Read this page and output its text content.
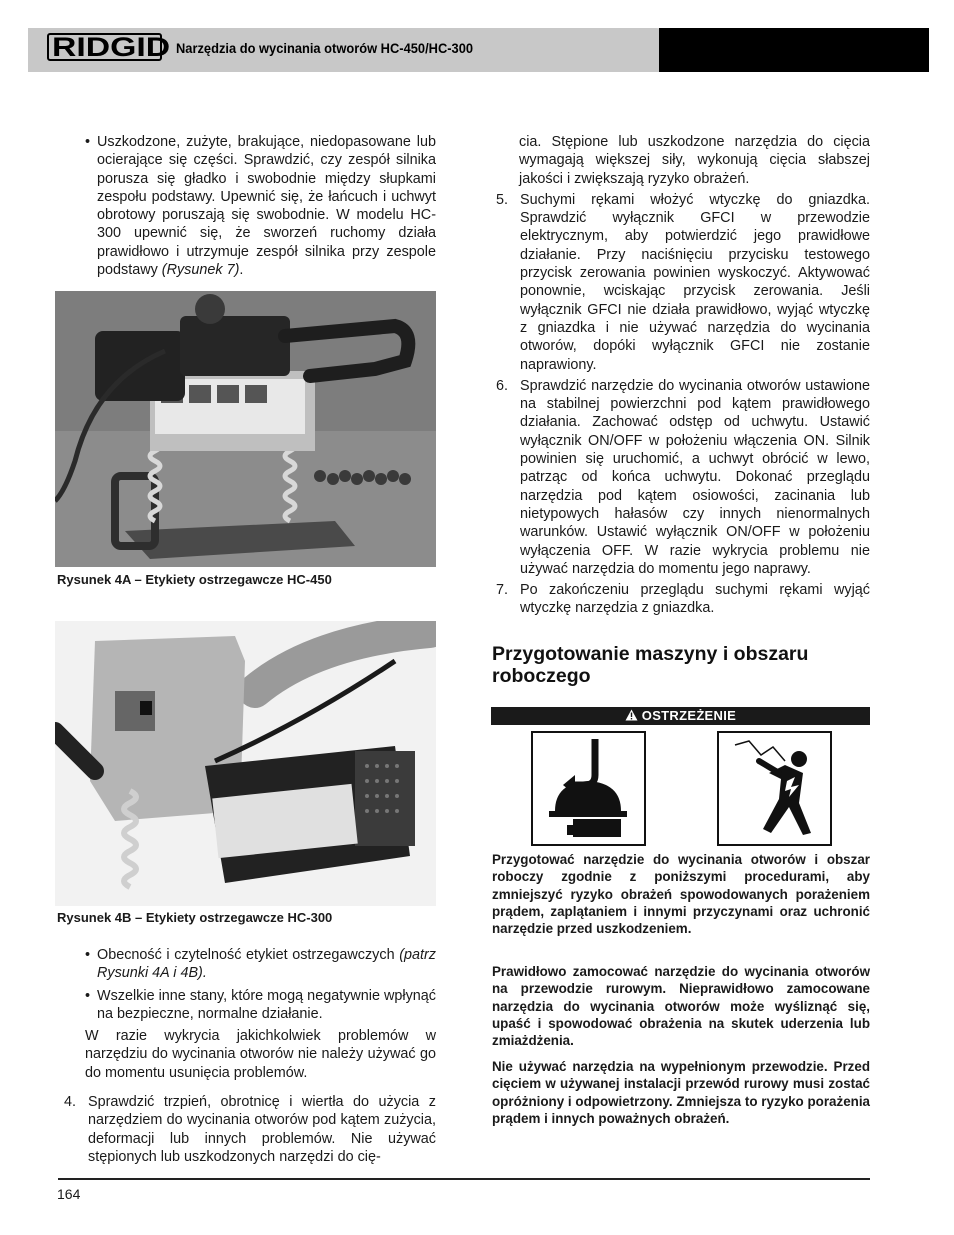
RIDGID Narzędzia do wycinania otworów HC-450/HC-300
• Uszkodzone, zużyte, brakujące, niedopasowane lub ocierające się części. Sprawdzić, czy zespół silnika porusza się gładko i swobodnie między słupkami zespołu podstawy. Upewnić się, że łańcuch i uchwyt obrotowy poruszają się swobodnie. W modelu HC-300 upewnić się, że sworzeń ruchomy działa prawidłowo i utrzymuje zespół silnika przy zespole podstawy (Rysunek 7).
Rysunek 4A – Etykiety ostrzegawcze HC-450
Rysunek 4B – Etykiety ostrzegawcze HC-300
• Obecność i czytelność etykiet ostrzegawczych (patrz Rysunki 4A i 4B).
• Wszelkie inne stany, które mogą negatywnie wpłynąć na bezpieczne, normalne działanie.
W razie wykrycia jakichkolwiek problemów w narzędziu do wycinania otworów nie należy używać go do momentu usunięcia problemów.
4. Sprawdzić trzpień, obrotnicę i wiertła do użycia z narzędziem do wycinania otworów pod kątem zużycia, deformacji lub innych problemów. Nie używać stępionych lub uszkodzonych narzędzi do cię-
cia. Stępione lub uszkodzone narzędzia do cięcia wymagają większej siły, wykonują cięcia słabszej jakości i zwiększają ryzyko obrażeń.
5. Suchymi rękami włożyć wtyczkę do gniazdka. Sprawdzić wyłącznik GFCI w przewodzie elektrycznym, aby potwierdzić jego prawidłowe działanie. Przy naciśnięciu przycisku testowego przycisk zerowania powinien wyskoczyć. Aktywować ponownie, wciskając przycisk zerowania. Jeśli wyłącznik GFCI nie działa prawidłowo, wyjąć wtyczkę z gniazdka i nie używać narzędzia do wycinania otworów, dopóki wyłącznik GFCI nie zostanie naprawiony.
6. Sprawdzić narzędzie do wycinania otworów ustawione na stabilnej powierzchni pod kątem prawidłowego działania. Zachować odstęp od uchwytu. Ustawić wyłącznik ON/OFF w położeniu włączenia ON. Silnik powinien się uruchomić, a uchwyt obrócić w lewo, patrząc od końca uchwytu. Dokonać przeglądu narzędzia pod kątem osiowości, zacinania lub nietypowych hałasów czy innych nienormalnych warunków. Ustawić wyłącznik ON/OFF w położeniu wyłączenia OFF. W razie wykrycia problemu nie używać narzędzia do momentu jego naprawy.
7. Po zakończeniu przeglądu suchymi rękami wyjąć wtyczkę narzędzia z gniazdka.
Przygotowanie maszyny i obszaru roboczego
OSTRZEŻENIE
Przygotować narzędzie do wycinania otworów i obszar roboczy zgodnie z poniższymi procedurami, aby zmniejszyć ryzyko obrażeń spowodowanych porażeniem prądem, zaplątaniem i innymi przyczynami oraz uchronić narzędzie przed uszkodzeniem.
Prawidłowo zamocować narzędzie do wycinania otworów na przewodzie rurowym. Nieprawidłowo zamocowane narzędzia do wycinania otworów może wyśliznąć się, upaść i spowodować obrażenia na skutek uderzenia lub zmiażdżenia.
Nie używać narzędzia na wypełnionym przewodzie. Przed cięciem w używanej instalacji przewód rurowy musi zostać opróżniony i odpowietrzony. Zmniejsza to ryzyko porażenia prądem i innych poważnych obrażeń.
164
